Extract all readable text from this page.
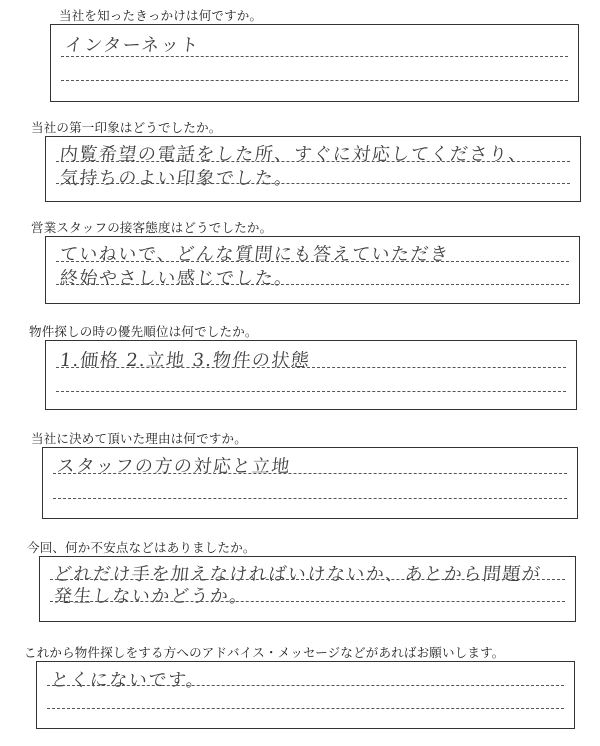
当社を知ったきっかけは何ですか。
インターネット
当社の第一印象はどうでしたか。
内覧希望の電話をした所、すぐに対応してくださり、
気持ちのよい印象でした。
営業スタッフの接客態度はどうでしたか。
ていねいで、どんな質問にも答えていただき
終始やさしい感じでした。
物件探しの時の優先順位は何でしたか。
1.価格 2.立地 3.物件の状態
当社に決めて頂いた理由は何ですか。
スタッフの方の対応と立地
今回、何か不安点などはありましたか。
どれだけ手を加えなければいけないか、あとから問題が
発生しないかどうか。
これから物件探しをする方へのアドバイス・メッセージなどがあればお願いします。
とくにないです。
